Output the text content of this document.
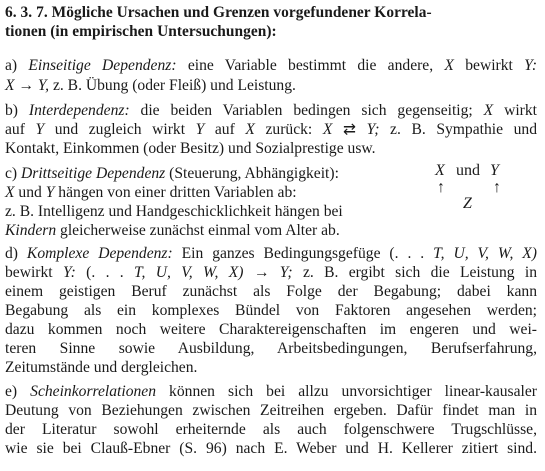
6. 3. 7. Mögliche Ursachen und Grenzen vorgefundener Korrela-
tionen (in empirischen Untersuchungen):
a) Einseitige Dependenz: eine Variable bestimmt die andere, X bewirkt Y:
X → Y, z. B. Übung (oder Fleiß) und Leistung.
b) Interdependenz: die beiden Variablen bedingen sich gegenseitig; X wirkt
auf Y und zugleich wirkt Y auf X zurück: X ⇄ Y; z. B. Sympathie und
Kontakt, Einkommen (oder Besitz) und Sozialprestige usw.
c) Drittseitige Dependenz (Steuerung, Abhängigkeit):
X und Y hängen von einer dritten Variablen ab:
z. B. Intelligenz und Handgeschicklichkeit hängen bei
Kindern gleicherweise zunächst einmal vom Alter ab.
X und Y
↑	↑
Z
d) Komplexe Dependenz: Ein ganzes Bedingungsgefüge (. . . T, U, V, W, X)
bewirkt Y: (. . . T, U, V, W, X) → Y; z. B. ergibt sich die Leistung in
einem geistigen Beruf zunächst als Folge der Begabung; dabei kann
Begabung als ein komplexes Bündel von Faktoren angesehen werden;
dazu kommen noch weitere Charaktereigenschaften im engeren und wei-
teren Sinne sowie Ausbildung, Arbeitsbedingungen, Berufserfahrung,
Zeitumstände und dergleichen.
e) Scheinkorrelationen können sich bei allzu unvorsichtiger linear-kausaler
Deutung von Beziehungen zwischen Zeitreihen ergeben. Dafür findet man in
der Literatur sowohl erheiternde als auch folgenschwere Trugschlüsse,
wie sie bei Clauß-Ebner (S. 96) nach E. Weber und H. Kellerer zitiert sind.
